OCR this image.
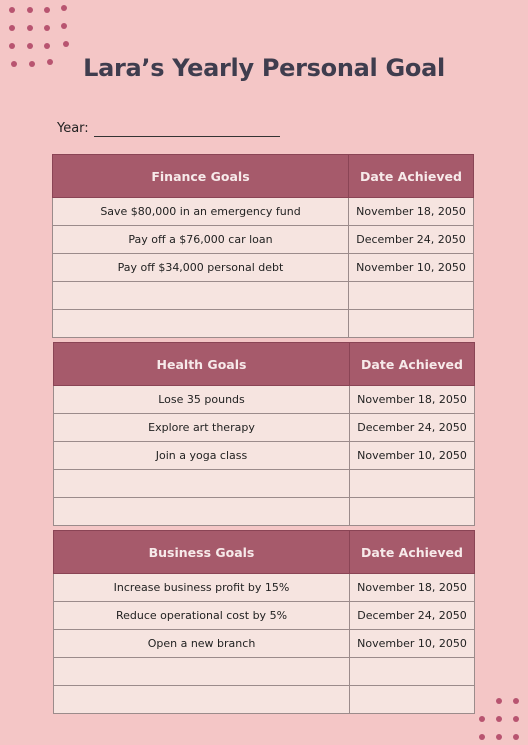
Lara’s Yearly Personal Goal
Year:
Finance Goals	Date Achieved
Save $80,000 in an emergency fund	November 18, 2050
Pay off a $76,000 car loan	December 24, 2050
Pay off $34,000 personal debt	November 10, 2050

Health Goals	Date Achieved
Lose 35 pounds	November 18, 2050
Explore art therapy	December 24, 2050
Join a yoga class	November 10, 2050

Business Goals	Date Achieved
Increase business profit by 15%	November 18, 2050
Reduce operational cost by 5%	December 24, 2050
Open a new branch	November 10, 2050
